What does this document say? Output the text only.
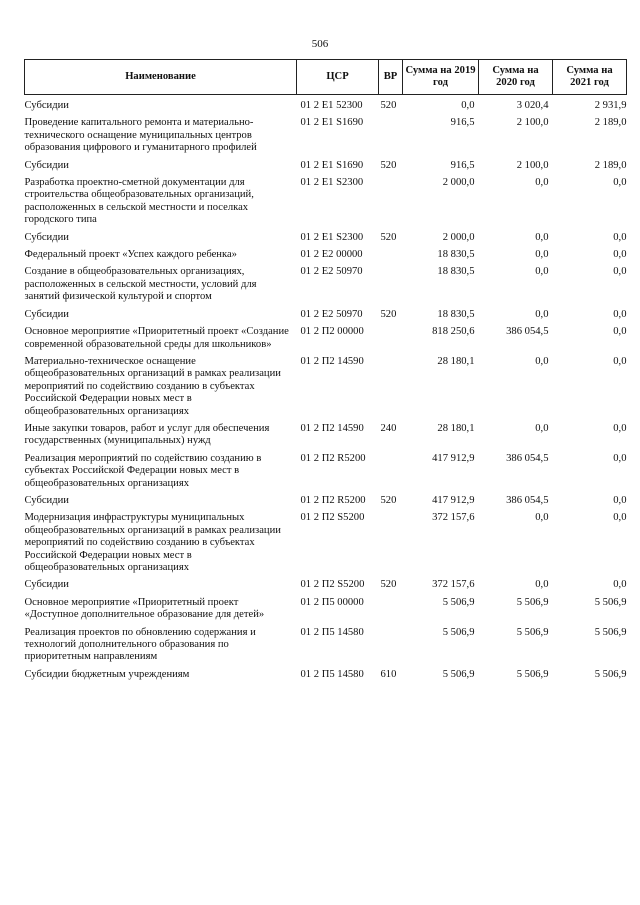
506
Наименование	ЦСР	ВР	Сумма на 2019 год	Сумма на 2020 год	Сумма на 2021 год
Субсидии	01 2 E1 52300	520	0,0	3 020,4	2 931,9
Проведение капитального ремонта и материально-технического оснащение муниципальных центров образования цифрового и гуманитарного профилей	01 2 E1 S1690		916,5	2 100,0	2 189,0
Субсидии	01 2 E1 S1690	520	916,5	2 100,0	2 189,0
Разработка проектно-сметной документации для строительства общеобразовательных организаций, расположенных в сельской местности и поселках городского типа	01 2 E1 S2300		2 000,0	0,0	0,0
Субсидии	01 2 E1 S2300	520	2 000,0	0,0	0,0
Федеральный проект «Успех каждого ребенка»	01 2 E2 00000		18 830,5	0,0	0,0
Создание в общеобразовательных организациях, расположенных в сельской местности, условий для занятий физической культурой и спортом	01 2 E2 50970		18 830,5	0,0	0,0
Субсидии	01 2 E2 50970	520	18 830,5	0,0	0,0
Основное мероприятие «Приоритетный проект «Создание современной образовательной среды для школьников»	01 2 П2 00000		818 250,6	386 054,5	0,0
Материально-техническое оснащение общеобразовательных организаций в рамках реализации мероприятий по содействию созданию в субъектах Российской Федерации новых мест в общеобразовательных организациях	01 2 П2 14590		28 180,1	0,0	0,0
Иные закупки товаров, работ и услуг для обеспечения государственных (муниципальных) нужд	01 2 П2 14590	240	28 180,1	0,0	0,0
Реализация мероприятий по содействию созданию в субъектах Российской Федерации новых мест в общеобразовательных организациях	01 2 П2 R5200		417 912,9	386 054,5	0,0
Субсидии	01 2 П2 R5200	520	417 912,9	386 054,5	0,0
Модернизация инфраструктуры муниципальных общеобразовательных организаций в рамках реализации мероприятий по содействию созданию в субъектах Российской Федерации новых мест в общеобразовательных организациях	01 2 П2 S5200		372 157,6	0,0	0,0
Субсидии	01 2 П2 S5200	520	372 157,6	0,0	0,0
Основное мероприятие «Приоритетный проект «Доступное дополнительное образование для детей»	01 2 П5 00000		5 506,9	5 506,9	5 506,9
Реализация проектов по обновлению содержания и технологий дополнительного образования по приоритетным направлениям	01 2 П5 14580		5 506,9	5 506,9	5 506,9
Субсидии бюджетным учреждениям	01 2 П5 14580	610	5 506,9	5 506,9	5 506,9
